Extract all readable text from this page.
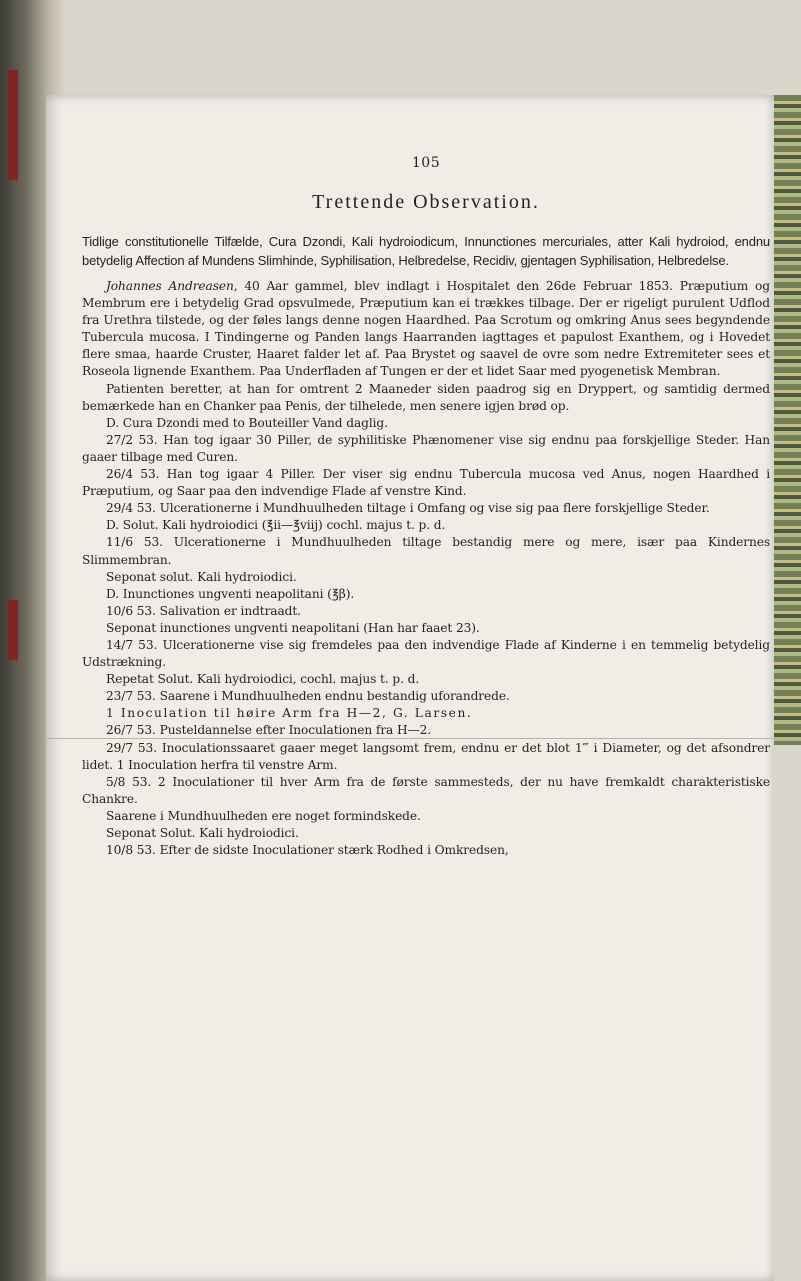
105
Trettende Observation.
Tidlige constitutionelle Tilfælde, Cura Dzondi, Kali hydroiodicum, Innunctiones mercuriales, atter Kali hydroiod, endnu betydelig Affection af Mundens Slimhinde, Syphilisation, Helbredelse, Recidiv, gjentagen Syphilisation, Helbredelse.

Johannes Andreasen, 40 Aar gammel, blev indlagt i Hospitalet den 26de Februar 1853. Præputium og Membrum ere i betydelig Grad opsvulmede, Præputium kan ei trækkes tilbage. Der er rigeligt purulent Udflod fra Urethra tilstede, og der føles langs denne nogen Haardhed. Paa Scrotum og omkring Anus sees begyndende Tubercula mucosa. I Tindingerne og Panden langs Haarranden iagttages et papulost Exanthem, og i Hovedet flere smaa, haarde Cruster, Haaret falder let af. Paa Brystet og saavel de ovre som nedre Extremiteter sees et Roseola lignende Exanthem. Paa Underfladen af Tungen er der et lidet Saar med pyogenetisk Membran.

Patienten beretter, at han for omtrent 2 Maaneder siden paadrog sig en Dryppert, og samtidig dermed bemærkede han en Chanker paa Penis, der tilhelede, men senere igjen brød op.

D. Cura Dzondi med to Bouteiller Vand daglig.

27/2 53. Han tog igaar 30 Piller, de syphilitiske Phænomener vise sig endnu paa forskjellige Steder. Han gaaer tilbage med Curen.

26/4 53. Han tog igaar 4 Piller. Der viser sig endnu Tubercula mucosa ved Anus, nogen Haardhed i Præputium, og Saar paa den indvendige Flade af venstre Kind.

29/4 53. Ulcerationerne i Mundhuulheden tiltage i Omfang og vise sig paa flere forskjellige Steder.

D. Solut. Kali hydroiodici (℥ii—℥viij) cochl. majus t. p. d.

11/6 53. Ulcerationerne i Mundhuulheden tiltage bestandig mere og mere, især paa Kindernes Slimmembran.

Seponat solut. Kali hydroiodici.

D. Inunctiones ungventi neapolitani (℥β).

10/6 53. Salivation er indtraadt.

Seponat inunctiones ungventi neapolitani (Han har faaet 23).

14/7 53. Ulcerationerne vise sig fremdeles paa den indvendige Flade af Kinderne i en temmelig betydelig Udstrækning.

Repetat Solut. Kali hydroiodici, cochl. majus t. p. d.

23/7 53. Saarene i Mundhuulheden endnu bestandig uforandrede.

1 Inoculation til høire Arm fra H—2, G. Larsen.

26/7 53. Pusteldannelse efter Inoculationen fra H—2.

29/7 53. Inoculationssaaret gaaer meget langsomt frem, endnu er det blot 1‴ i Diameter, og det afsondrer lidet. 1 Inoculation herfra til venstre Arm.

5/8 53. 2 Inoculationer til hver Arm fra de første sammesteds, der nu have fremkaldt charakteristiske Chankre.

Saarene i Mundhuulheden ere noget formindskede.

Seponat Solut. Kali hydroiodici.

10/8 53. Efter de sidste Inoculationer stærk Rodhed i Omkredsen,
